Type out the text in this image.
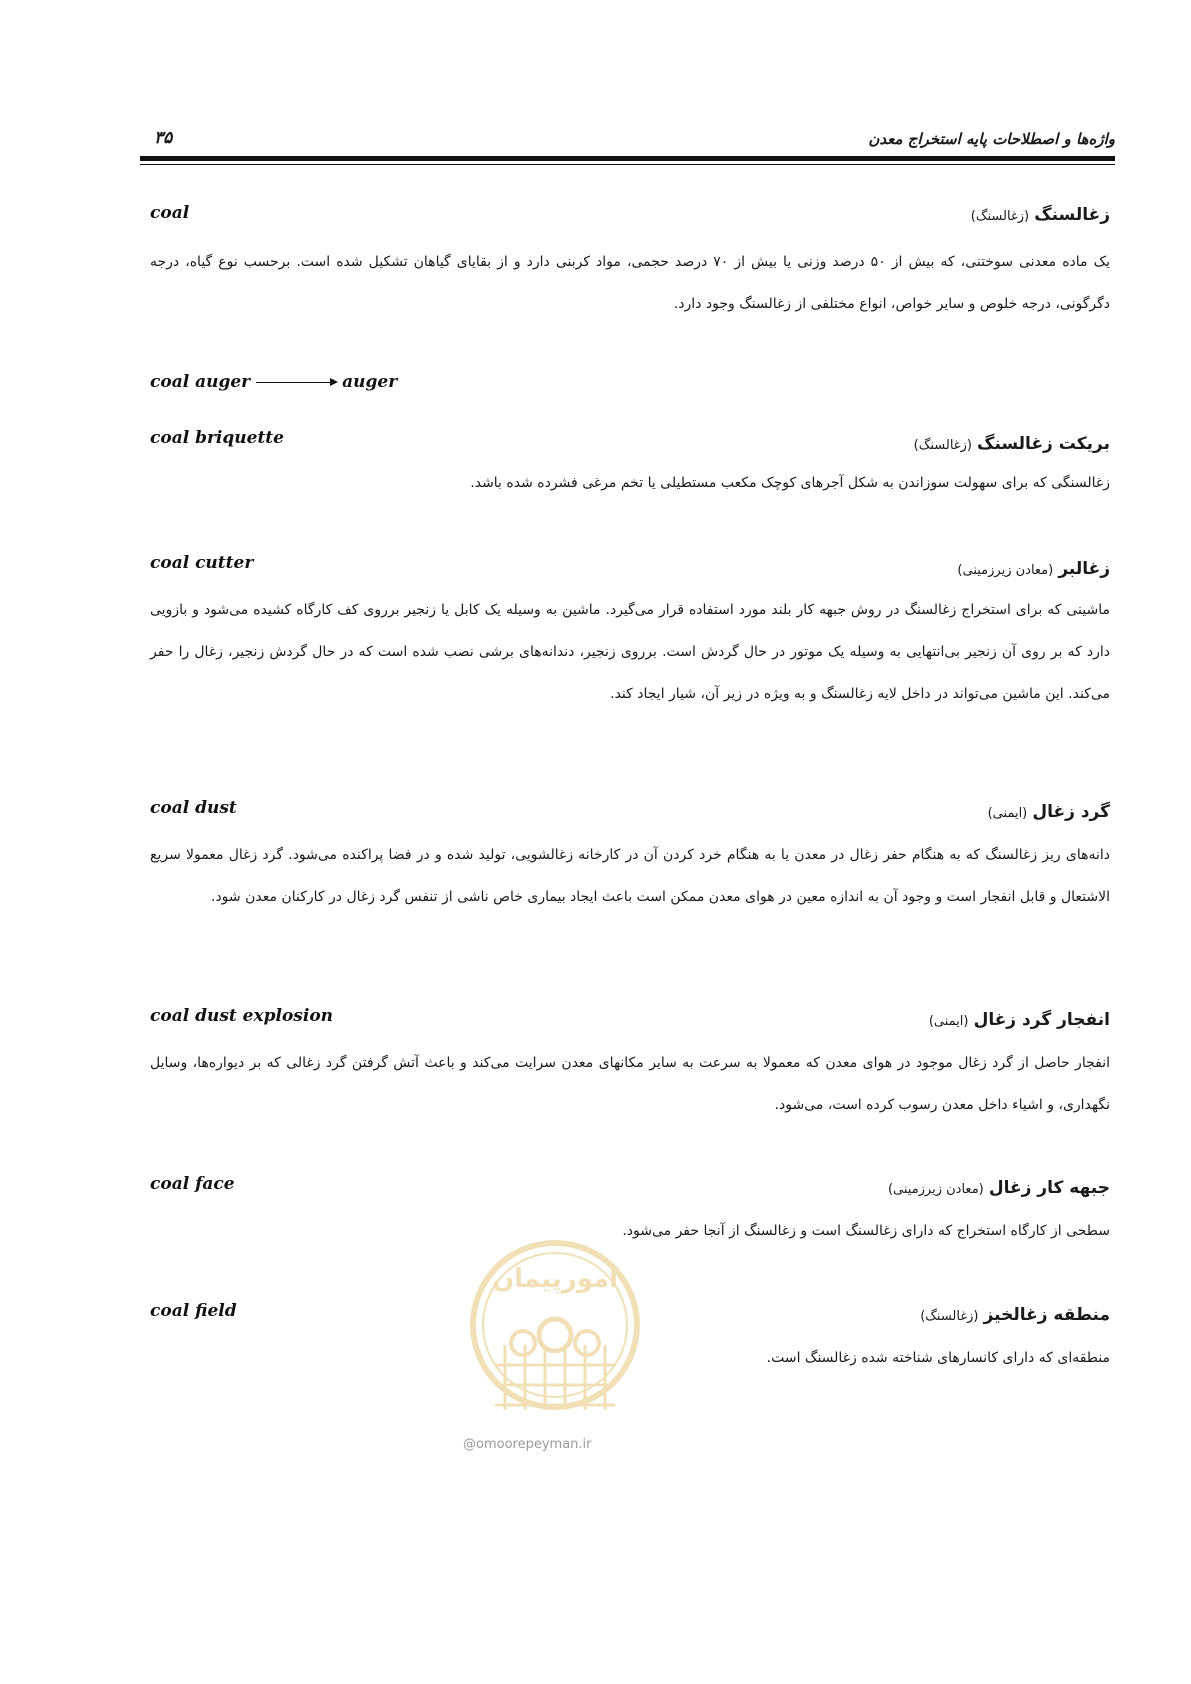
واژه‌ها و اصطلاحات پایه استخراج معدن
۳۵
coal	زغالسنگ (زغالسنگ)
یک ماده معدنی سوختنی، که بیش از ۵۰ درصد وزنی یا بیش از ۷۰ درصد حجمی، مواد کربنی دارد و از بقایای گیاهان تشکیل شده است. برحسب نوع گیاه، درجه دگرگونی، درجه خلوص و سایر خواص، انواع مختلفی از زغالسنگ وجود دارد.
coal auger	auger
coal briquette	بریکت زغالسنگ (زغالسنگ)
زغالسنگی که برای سهولت سوزاندن به شکل آجرهای کوچک مکعب مستطیلی یا تخم مرغی فشرده شده باشد.
coal cutter	زغالبر (معادن زیرزمینی)
ماشینی که برای استخراج زغالسنگ در روش جبهه کار بلند مورد استفاده قرار می‌گیرد. ماشین به وسیله یک کابل یا زنجیر برروی کف کارگاه کشیده می‌شود و بازویی دارد که بر روی آن زنجیر بی‌انتهایی به وسیله یک موتور در حال گردش است. برروی زنجیر، دندانه‌های برشی نصب شده است که در حال گردش زنجیر، زغال را حفر می‌کند. این ماشین می‌تواند در داخل لایه زغالسنگ و به ویژه در زیر آن، شیار ایجاد کند.
coal dust	گرد زغال (ایمنی)
دانه‌های ریز زغالسنگ که به هنگام حفر زغال در معدن یا به هنگام خرد کردن آن در کارخانه زغالشویی، تولید شده و در فضا پراکنده می‌شود. گرد زغال معمولا سریع الاشتعال و قابل انفجار است و وجود آن به اندازه معین در هوای معدن ممکن است باعث ایجاد بیماری خاص ناشی از تنفس گرد زغال در کارکنان معدن شود.
coal dust explosion	انفجار گرد زغال (ایمنی)
انفجار حاصل از گرد زغال موجود در هوای معدن که معمولا به سرعت به سایر مکانهای معدن سرایت می‌کند و باعث آتش گرفتن گرد زغالی که بر دیواره‌ها، وسایل نگهداری، و اشیاء داخل معدن رسوب کرده است، می‌شود.
coal face	جبهه کار زغال (معادن زیرزمینی)
سطحی از کارگاه استخراج که دارای زغالسنگ است و زغالسنگ از آنجا حفر می‌شود.
coal field	منطقه زغالخیز (زغالسنگ)
منطقه‌ای که دارای کانسارهای شناخته شده زغالسنگ است.
امورپیمان
@omoorepeyman.ir
